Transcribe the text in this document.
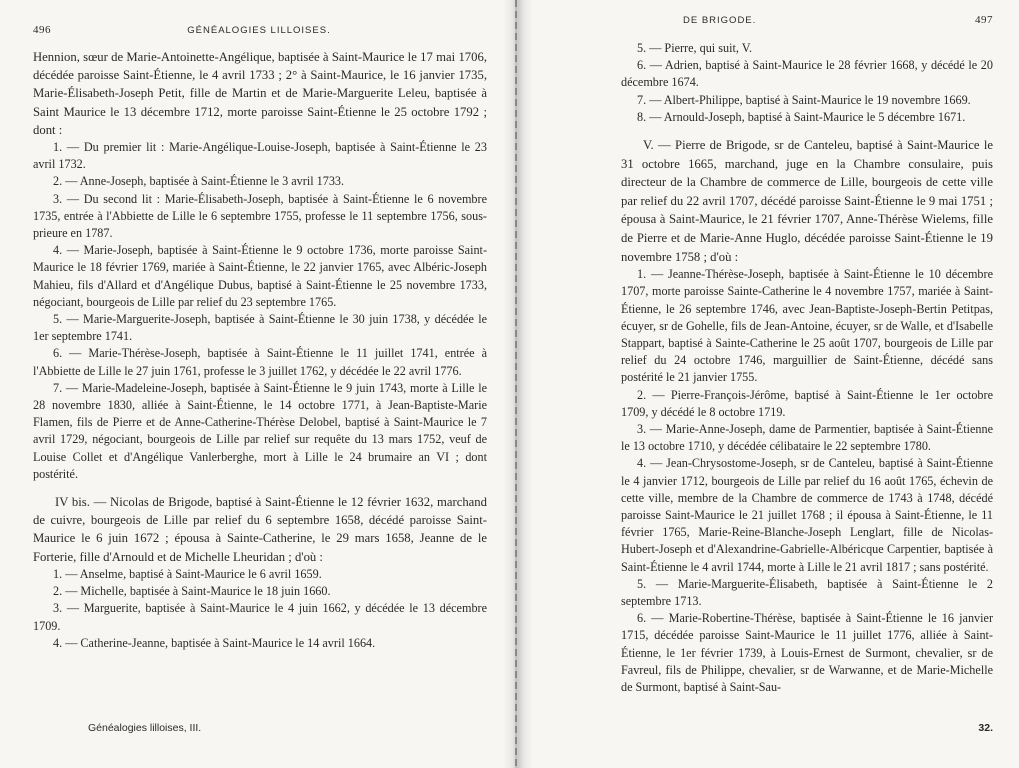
496	GÉNÉALOGIES LILLOISES.

Hennion, sœur de Marie-Antoinette-Angélique, baptisée à Saint-Maurice le 17 mai 1706, décédée paroisse Saint-Étienne, le 4 avril 1733 ; 2° à Saint-Maurice, le 16 janvier 1735, Marie-Élisabeth-Joseph Petit, fille de Martin et de Marie-Marguerite Leleu, baptisée à Saint Maurice le 13 décembre 1712, morte paroisse Saint-Étienne le 25 octobre 1792 ; dont :

1. — Du premier lit : Marie-Angélique-Louise-Joseph, baptisée à Saint-Étienne le 23 avril 1732.

2. — Anne-Joseph, baptisée à Saint-Étienne le 3 avril 1733.

3. — Du second lit : Marie-Élisabeth-Joseph, baptisée à Saint-Étienne le 6 novembre 1735, entrée à l'Abbiette de Lille le 6 septembre 1755, professe le 11 septembre 1756, sous-prieure en 1787.

4. — Marie-Joseph, baptisée à Saint-Étienne le 9 octobre 1736, morte paroisse Saint-Maurice le 18 février 1769, mariée à Saint-Étienne, le 22 janvier 1765, avec Albéric-Joseph Mahieu, fils d'Allard et d'Angélique Dubus, baptisé à Saint-Étienne le 25 novembre 1733, négociant, bourgeois de Lille par relief du 23 septembre 1765.

5. — Marie-Marguerite-Joseph, baptisée à Saint-Étienne le 30 juin 1738, y décédée le 1er septembre 1741.

6. — Marie-Thérèse-Joseph, baptisée à Saint-Étienne le 11 juillet 1741, entrée à l'Abbiette de Lille le 27 juin 1761, professe le 3 juillet 1762, y décédée le 22 avril 1776.

7. — Marie-Madeleine-Joseph, baptisée à Saint-Étienne le 9 juin 1743, morte à Lille le 28 novembre 1830, alliée à Saint-Étienne, le 14 octobre 1771, à Jean-Baptiste-Marie Flamen, fils de Pierre et de Anne-Catherine-Thérèse Delobel, baptisé à Saint-Maurice le 7 avril 1729, négociant, bourgeois de Lille par relief sur requête du 13 mars 1752, veuf de Louise Collet et d'Angélique Vanlerberghe, mort à Lille le 24 brumaire an VI ; dont postérité.

IV bis. — Nicolas de Brigode, baptisé à Saint-Étienne le 12 février 1632, marchand de cuivre, bourgeois de Lille par relief du 6 septembre 1658, décédé paroisse Saint-Maurice le 6 juin 1672 ; épousa à Sainte-Catherine, le 29 mars 1658, Jeanne de le Forterie, fille d'Arnould et de Michelle Lheuridan ; d'où :

1. — Anselme, baptisé à Saint-Maurice le 6 avril 1659.

2. — Michelle, baptisée à Saint-Maurice le 18 juin 1660.

3. — Marguerite, baptisée à Saint-Maurice le 4 juin 1662, y décédée le 13 décembre 1709.

4. — Catherine-Jeanne, baptisée à Saint-Maurice le 14 avril 1664.

DE BRIGODE.	497

5. — Pierre, qui suit, V.

6. — Adrien, baptisé à Saint-Maurice le 28 février 1668, y décédé le 20 décembre 1674.

7. — Albert-Philippe, baptisé à Saint-Maurice le 19 novembre 1669.

8. — Arnould-Joseph, baptisé à Saint-Maurice le 5 décembre 1671.

V. — Pierre de Brigode, sr de Canteleu, baptisé à Saint-Maurice le 31 octobre 1665, marchand, juge en la Chambre consulaire, puis directeur de la Chambre de commerce de Lille, bourgeois de cette ville par relief du 22 avril 1707, décédé paroisse Saint-Étienne le 9 mai 1751 ; épousa à Saint-Maurice, le 21 février 1707, Anne-Thérèse Wielems, fille de Pierre et de Marie-Anne Huglo, décédée paroisse Saint-Étienne le 19 novembre 1758 ; d'où :

1. — Jeanne-Thérèse-Joseph, baptisée à Saint-Étienne le 10 décembre 1707, morte paroisse Sainte-Catherine le 4 novembre 1757, mariée à Saint-Étienne, le 26 septembre 1746, avec Jean-Baptiste-Joseph-Bertin Petitpas, écuyer, sr de Gohelle, fils de Jean-Antoine, écuyer, sr de Walle, et d'Isabelle Stappart, baptisé à Sainte-Catherine le 25 août 1707, bourgeois de Lille par relief du 24 octobre 1746, marguillier de Saint-Étienne, décédé sans postérité le 21 janvier 1755.

2. — Pierre-François-Jérôme, baptisé à Saint-Étienne le 1er octobre 1709, y décédé le 8 octobre 1719.

3. — Marie-Anne-Joseph, dame de Parmentier, baptisée à Saint-Étienne le 13 octobre 1710, y décédée célibataire le 22 septembre 1780.

4. — Jean-Chrysostome-Joseph, sr de Canteleu, baptisé à Saint-Étienne le 4 janvier 1712, bourgeois de Lille par relief du 16 août 1765, échevin de cette ville, membre de la Chambre de commerce de 1743 à 1748, décédé paroisse Saint-Maurice le 21 juillet 1768 ; il épousa à Saint-Étienne, le 11 février 1765, Marie-Reine-Blanche-Joseph Lenglart, fille de Nicolas-Hubert-Joseph et d'Alexandrine-Gabrielle-Albéricque Carpentier, baptisée à Saint-Étienne le 4 avril 1744, morte à Lille le 21 avril 1817 ; sans postérité.

5. — Marie-Marguerite-Élisabeth, baptisée à Saint-Étienne le 2 septembre 1713.

6. — Marie-Robertine-Thérèse, baptisée à Saint-Étienne le 16 janvier 1715, décédée paroisse Saint-Maurice le 11 juillet 1776, alliée à Saint-Étienne, le 1er février 1739, à Louis-Ernest de Surmont, chevalier, sr de Favreul, fils de Philippe, chevalier, sr de Warwanne, et de Marie-Michelle de Surmont, baptisé à Saint-Sau-

Généalogies lilloises, III.	32.
